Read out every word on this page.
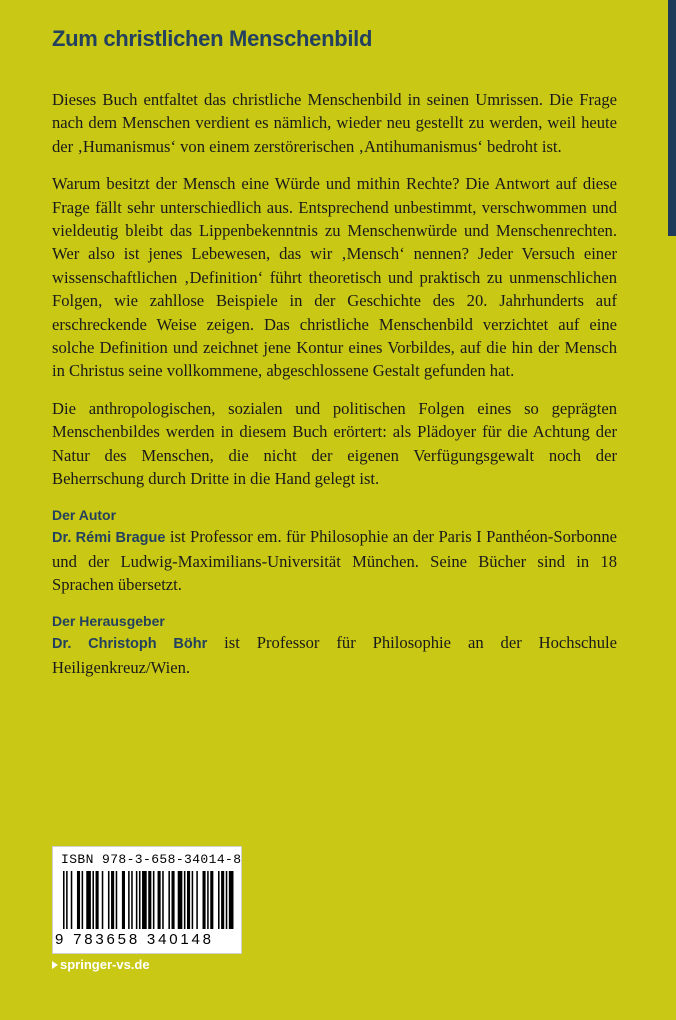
Zum christlichen Menschenbild

Dieses Buch entfaltet das christliche Menschenbild in seinen Umrissen. Die Frage nach dem Menschen verdient es nämlich, wieder neu gestellt zu werden, weil heute der ‚Humanismus‘ von einem zerstörerischen ‚Antihumanismus‘ bedroht ist.

Warum besitzt der Mensch eine Würde und mithin Rechte? Die Antwort auf diese Frage fällt sehr unterschiedlich aus. Entsprechend unbestimmt, verschwommen und vieldeutig bleibt das Lippenbekenntnis zu Menschenwürde und Menschenrechten. Wer also ist jenes Lebewesen, das wir ‚Mensch‘ nennen? Jeder Versuch einer wissenschaftlichen ‚Definition‘ führt theoretisch und praktisch zu unmenschlichen Folgen, wie zahllose Beispiele in der Geschichte des 20. Jahrhunderts auf erschreckende Weise zeigen. Das christliche Menschenbild verzichtet auf eine solche Definition und zeichnet jene Kontur eines Vorbildes, auf die hin der Mensch in Christus seine vollkommene, abgeschlossene Gestalt gefunden hat.

Die anthropologischen, sozialen und politischen Folgen eines so geprägten Menschenbildes werden in diesem Buch erörtert: als Plädoyer für die Achtung der Natur des Menschen, die nicht der eigenen Verfügungsgewalt noch der Beherrschung durch Dritte in die Hand gelegt ist.

Der Autor

Dr. Rémi Brague ist Professor em. für Philosophie an der Paris I Panthéon-Sorbonne und der Ludwig-Maximilians-Universität München. Seine Bücher sind in 18 Sprachen übersetzt.

Der Herausgeber

Dr. Christoph Böhr ist Professor für Philosophie an der Hochschule Heiligenkreuz/Wien.

ISBN 978-3-658-34014-8
9 783658 340148
springer-vs.de
